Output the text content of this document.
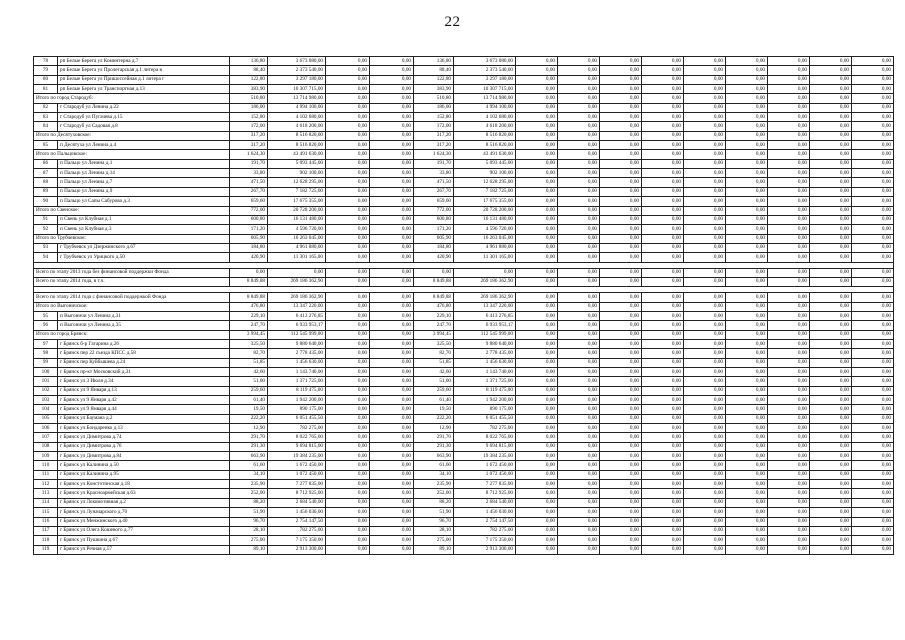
22
78	рп Белые Берега ул Коминтерна д.7	136,80	3 673 080,00	0,00	0,00	136,80	3 673 080,00	0,00	0,00	0,00	0,00	0,00	0,00	0,00	0,00	0,00
79	рп Белые Берега ул Пролетарская д.1 литера в	88,40	2 373 540,00	0,00	0,00	88,40	2 373 540,00	0,00	0,00	0,00	0,00	0,00	0,00	0,00	0,00	0,00
80	рп Белые Берега ул Пришоссейная д.1 литера г	122,80	3 297 180,00	0,00	0,00	122,80	3 297 180,00	0,00	0,00	0,00	0,00	0,00	0,00	0,00	0,00	0,00
81	рп Белые Берега ул Транспортная д.13	383,90	10 307 715,00	0,00	0,00	383,90	10 307 715,00	0,00	0,00	0,00	0,00	0,00	0,00	0,00	0,00	0,00
Итого по город Стародуб:		510,80	13 714 980,00	0,00	0,00	510,80	13 714 980,00	0,00	0,00	0,00	0,00	0,00	0,00	0,00	0,00	0,00
82	г Стародуб ул Ленина д.22	186,00	4 994 100,00	0,00	0,00	186,00	4 994 100,00	0,00	0,00	0,00	0,00	0,00	0,00	0,00	0,00	0,00
83	г Стародуб ул Пугачева д.15	152,80	4 102 680,00	0,00	0,00	152,80	4 102 680,00	0,00	0,00	0,00	0,00	0,00	0,00	0,00	0,00	0,00
84	г Стародуб ул Садовая д.8	172,00	4 618 200,00	0,00	0,00	172,00	4 618 200,00	0,00	0,00	0,00	0,00	0,00	0,00	0,00	0,00	0,00
Итого по Десятуховское:		317,20	8 516 820,00	0,00	0,00	317,20	8 516 820,00	0,00	0,00	0,00	0,00	0,00	0,00	0,00	0,00	0,00
85	п Десятуха ул Ленина д.4	317,20	8 516 820,00	0,00	0,00	317,20	8 516 820,00	0,00	0,00	0,00	0,00	0,00	0,00	0,00	0,00	0,00
Итого по Пальцовское:		1 624,30	43 491 630,00	0,00	0,00	1 624,30	43 491 630,00	0,00	0,00	0,00	0,00	0,00	0,00	0,00	0,00	0,00
86	п Пальцо ул Ленина д.1	191,70	5 093 445,00	0,00	0,00	191,70	5 093 445,00	0,00	0,00	0,00	0,00	0,00	0,00	0,00	0,00	0,00
87	п Пальцо ул Ленина д.14	33,80	902 100,00	0,00	0,00	33,80	902 100,00	0,00	0,00	0,00	0,00	0,00	0,00	0,00	0,00	0,00
88	п Пальцо ул Ленина д.7	471,50	12 628 295,00	0,00	0,00	471,50	12 628 295,00	0,00	0,00	0,00	0,00	0,00	0,00	0,00	0,00	0,00
89	п Пальцо ул Ленина д.9	267,70	7 182 725,00	0,00	0,00	267,70	7 182 725,00	0,00	0,00	0,00	0,00	0,00	0,00	0,00	0,00	0,00
90	п Пальцо ул Сапы Сабурова д.3	659,60	17 675 355,00	0,00	0,00	659,60	17 675 355,00	0,00	0,00	0,00	0,00	0,00	0,00	0,00	0,00	0,00
Итого по Свенское:		772,00	20 728 200,00	0,00	0,00	772,00	20 728 200,00	0,00	0,00	0,00	0,00	0,00	0,00	0,00	0,00	0,00
91	п Свень ул Клубная д.1	600,80	16 131 480,00	0,00	0,00	600,80	16 131 480,00	0,00	0,00	0,00	0,00	0,00	0,00	0,00	0,00	0,00
92	п Свень ул Клубная д.3	171,20	4 596 720,00	0,00	0,00	171,20	4 596 720,00	0,00	0,00	0,00	0,00	0,00	0,00	0,00	0,00	0,00
Итого по Трубчевское:		605,90	16 263 045,00	0,00	0,00	605,90	16 263 045,00	0,00	0,00	0,00	0,00	0,00	0,00	0,00	0,00	0,00
93	г Трубчевск ул Дзержинского д.67	184,80	4 961 880,00	0,00	0,00	184,80	4 961 880,00	0,00	0,00	0,00	0,00	0,00	0,00	0,00	0,00	0,00
94	г Трубчевск ул Урицкого д.50	420,90	11 301 165,00	0,00	0,00	420,90	11 301 165,00	0,00	0,00	0,00	0,00	0,00	0,00	0,00	0,00	0,00

Всего по этапу 2013 года без финансовой поддержки Фонда		0,00	0,00	0,00	0,00	0,00	0,00	0,00	0,00	0,00	0,00	0,00	0,00	0,00	0,00	0,00
Всего по этапу 2014 года, в т.ч.		8 849,88	269 186 362,90	0,00	0,00	8 849,88	269 186 362,90	0,00	0,00	0,00	0,00	0,00	0,00	0,00	0,00	0,00

Всего по этапу 2014 года с финансовой поддержкой Фонда		8 849,88	269 186 362,90	0,00	0,00	8 849,88	269 186 362,90	0,00	0,00	0,00	0,00	0,00	0,00	0,00	0,00	0,00
Итого по Выгоничское:		476,80	13 347 220,00	0,00	0,00	476,80	13 347 220,00	0,00	0,00	0,00	0,00	0,00	0,00	0,00	0,00	0,00
95	п Выгоничи ул Ленина д.31	229,10	6 413 276,85	0,00	0,00	229,10	6 413 276,85	0,00	0,00	0,00	0,00	0,00	0,00	0,00	0,00	0,00
96	п Выгоничи ул Ленина д.35	247,70	6 933 953,17	0,00	0,00	247,70	6 933 953,17	0,00	0,00	0,00	0,00	0,00	0,00	0,00	0,00	0,00
Итого по город Брянск:		3 994,45	112 545 999,00	0,00	0,00	3 994,45	112 545 999,00	0,00	0,00	0,00	0,00	0,00	0,00	0,00	0,00	0,00
97	г Брянск б-р Гагарина д.26	325,50	9 880 640,00	0,00	0,00	325,50	9 880 640,00	0,00	0,00	0,00	0,00	0,00	0,00	0,00	0,00	0,00
98	г Брянск пер 22 съезда КПСС д.58	82,70	2 778 435,00	0,00	0,00	82,70	2 778 435,00	0,00	0,00	0,00	0,00	0,00	0,00	0,00	0,00	0,00
99	г Брянск пер Куйбышева д.24	51,85	1 456 630,00	0,00	0,00	51,85	1 456 630,00	0,00	0,00	0,00	0,00	0,00	0,00	0,00	0,00	0,00
100	г Брянск пр-кт Московский д.31	42,60	1 143 740,00	0,00	0,00	42,60	1 143 740,00	0,00	0,00	0,00	0,00	0,00	0,00	0,00	0,00	0,00
101	г Брянск ул 3 Июля д.34	51,00	1 371 725,00	0,00	0,00	51,00	1 371 725,00	0,00	0,00	0,00	0,00	0,00	0,00	0,00	0,00	0,00
102	г Брянск ул 9 Января д.13	259,60	8 119 475,00	0,00	0,00	259,60	8 119 475,00	0,00	0,00	0,00	0,00	0,00	0,00	0,00	0,00	0,00
103	г Брянск ул 9 Января д.42	61,40	1 942 200,00	0,00	0,00	61,40	1 942 200,00	0,00	0,00	0,00	0,00	0,00	0,00	0,00	0,00	0,00
104	г Брянск ул 9 Января д.44	19,50	890 175,00	0,00	0,00	19,50	890 175,00	0,00	0,00	0,00	0,00	0,00	0,00	0,00	0,00	0,00
105	г Брянск ул Баумана д.2	222,20	6 051 455,50	0,00	0,00	222,20	6 051 455,50	0,00	0,00	0,00	0,00	0,00	0,00	0,00	0,00	0,00
106	г Брянск ул Бондаренко д.13	12,90	782 275,00	0,00	0,00	12,90	782 275,00	0,00	0,00	0,00	0,00	0,00	0,00	0,00	0,00	0,00
107	г Брянск ул Димитрова д.74	291,70	8 022 765,00	0,00	0,00	291,70	8 022 765,00	0,00	0,00	0,00	0,00	0,00	0,00	0,00	0,00	0,00
108	г Брянск ул Димитрова д.76	291,30	9 694 815,00	0,00	0,00	291,30	9 694 815,00	0,00	0,00	0,00	0,00	0,00	0,00	0,00	0,00	0,00
109	г Брянск ул Димитрова д.84	663,90	19 384 235,00	0,00	0,00	663,90	19 384 235,00	0,00	0,00	0,00	0,00	0,00	0,00	0,00	0,00	0,00
110	г Брянск ул Калинина д.50	61,60	1 672 450,00	0,00	0,00	61,60	1 672 450,00	0,00	0,00	0,00	0,00	0,00	0,00	0,00	0,00	0,00
111	г Брянск ул Калинина д.95	34,10	1 072 450,00	0,00	0,00	34,10	1 072 450,00	0,00	0,00	0,00	0,00	0,00	0,00	0,00	0,00	0,00
112	г Брянск ул Констотинская д.18	235,90	7 277 835,00	0,00	0,00	235,90	7 277 835,00	0,00	0,00	0,00	0,00	0,00	0,00	0,00	0,00	0,00
113	г Брянск ул Красноармейская д.63	252,00	8 712 925,00	0,00	0,00	252,00	8 712 925,00	0,00	0,00	0,00	0,00	0,00	0,00	0,00	0,00	0,00
114	г Брянск ул Локомотивная д.2	88,20	2 684 540,00	0,00	0,00	88,20	2 684 540,00	0,00	0,00	0,00	0,00	0,00	0,00	0,00	0,00	0,00
115	г Брянск ул Луначарского д.70	51,90	1 456 030,00	0,00	0,00	51,90	1 456 030,00	0,00	0,00	0,00	0,00	0,00	0,00	0,00	0,00	0,00
116	г Брянск ул Менжинского д.40	96,70	2 754 147,50	0,00	0,00	96,70	2 754 147,50	0,00	0,00	0,00	0,00	0,00	0,00	0,00	0,00	0,00
117	г Брянск ул Олега Кошевого д.77	28,10	782 275,00	0,00	0,00	28,10	782 275,00	0,00	0,00	0,00	0,00	0,00	0,00	0,00	0,00	0,00
118	г Брянск ул Пушкина д.67	275,00	7 175 350,00	0,00	0,00	275,00	7 175 350,00	0,00	0,00	0,00	0,00	0,00	0,00	0,00	0,00	0,00
119	г Брянск ул Речная д.57	89,10	2 913 300,00	0,00	0,00	89,10	2 913 300,00	0,00	0,00	0,00	0,00	0,00	0,00	0,00	0,00	0,00
